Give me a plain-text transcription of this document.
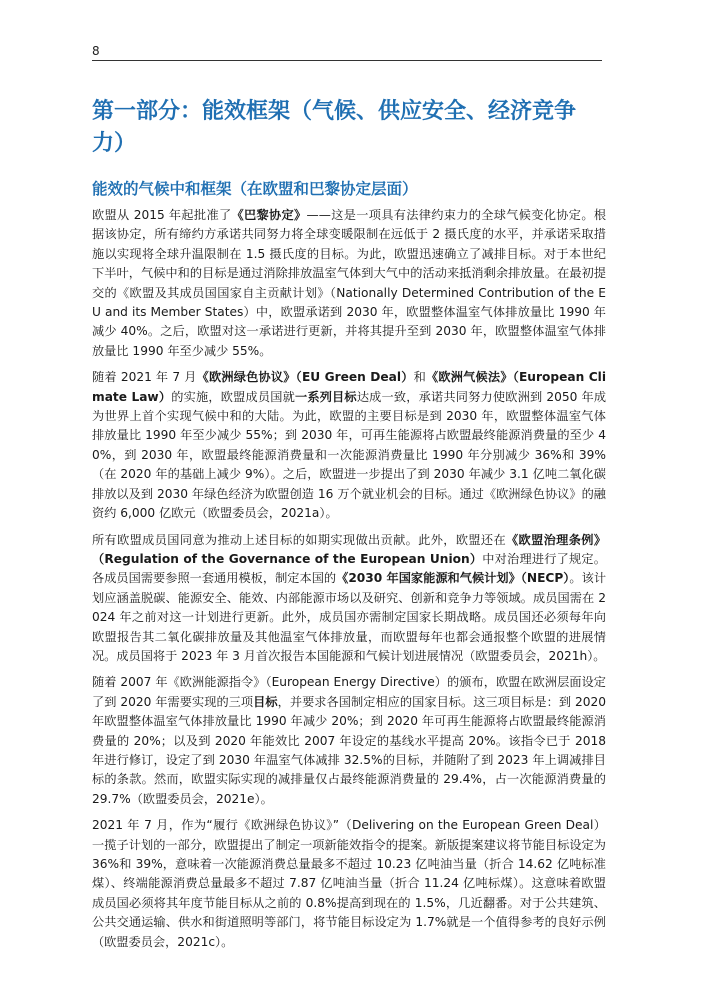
8
第一部分：能效框架（气候、供应安全、经济竞争力）
能效的气候中和框架（在欧盟和巴黎协定层面）

欧盟从 2015 年起批准了《巴黎协定》——这是一项具有法律约束力的全球气候变化协定。根据该协定，所有缔约方承诺共同努力将全球变暖限制在远低于 2 摄氏度的水平，并承诺采取措施以实现将全球升温限制在 1.5 摄氏度的目标。为此，欧盟迅速确立了减排目标。对于本世纪下半叶，气候中和的目标是通过消除排放温室气体到大气中的活动来抵消剩余排放量。在最初提交的《欧盟及其成员国国家自主贡献计划》（Nationally Determined Contribution of the EU and its Member States）中，欧盟承诺到 2030 年，欧盟整体温室气体排放量比 1990 年减少 40%。之后，欧盟对这一承诺进行更新，并将其提升至到 2030 年，欧盟整体温室气体排放量比 1990 年至少减少 55%。

随着 2021 年 7 月《欧洲绿色协议》（EU Green Deal）和《欧洲气候法》（European Climate Law）的实施，欧盟成员国就一系列目标达成一致，承诺共同努力使欧洲到 2050 年成为世界上首个实现气候中和的大陆。为此，欧盟的主要目标是到 2030 年，欧盟整体温室气体排放量比 1990 年至少减少 55%；到 2030 年，可再生能源将占欧盟最终能源消费量的至少 40%，到 2030 年，欧盟最终能源消费量和一次能源消费量比 1990 年分别减少 36%和 39%（在 2020 年的基础上减少 9%）。之后，欧盟进一步提出了到 2030 年减少 3.1 亿吨二氧化碳排放以及到 2030 年绿色经济为欧盟创造 16 万个就业机会的目标。通过《欧洲绿色协议》的融资约 6,000 亿欧元（欧盟委员会，2021a）。

所有欧盟成员国同意为推动上述目标的如期实现做出贡献。此外，欧盟还在《欧盟治理条例》（Regulation of the Governance of the European Union）中对治理进行了规定。各成员国需要参照一套通用模板，制定本国的《2030 年国家能源和气候计划》（NECP）。该计划应涵盖脱碳、能源安全、能效、内部能源市场以及研究、创新和竞争力等领域。成员国需在 2024 年之前对这一计划进行更新。此外，成员国亦需制定国家长期战略。成员国还必须每年向欧盟报告其二氧化碳排放量及其他温室气体排放量，而欧盟每年也都会通报整个欧盟的进展情况。成员国将于 2023 年 3 月首次报告本国能源和气候计划进展情况（欧盟委员会，2021h）。

随着 2007 年《欧洲能源指令》（European Energy Directive）的颁布，欧盟在欧洲层面设定了到 2020 年需要实现的三项目标，并要求各国制定相应的国家目标。这三项目标是：到 2020 年欧盟整体温室气体排放量比 1990 年减少 20%；到 2020 年可再生能源将占欧盟最终能源消费量的 20%；以及到 2020 年能效比 2007 年设定的基线水平提高 20%。该指令已于 2018 年进行修订，设定了到 2030 年温室气体减排 32.5%的目标，并随附了到 2023 年上调减排目标的条款。然而，欧盟实际实现的减排量仅占最终能源消费量的 29.4%，占一次能源消费量的 29.7%（欧盟委员会，2021e）。

2021 年 7 月，作为“履行《欧洲绿色协议》”（Delivering on the European Green Deal）一揽子计划的一部分，欧盟提出了制定一项新能效指令的提案。新版提案建议将节能目标设定为 36%和 39%，意味着一次能源消费总量最多不超过 10.23 亿吨油当量（折合 14.62 亿吨标准煤）、终端能源消费总量最多不超过 7.87 亿吨油当量（折合 11.24 亿吨标煤）。这意味着欧盟成员国必须将其年度节能目标从之前的 0.8%提高到现在的 1.5%，几近翻番。对于公共建筑、公共交通运输、供水和街道照明等部门，将节能目标设定为 1.7%就是一个值得参考的良好示例（欧盟委员会，2021c）。
